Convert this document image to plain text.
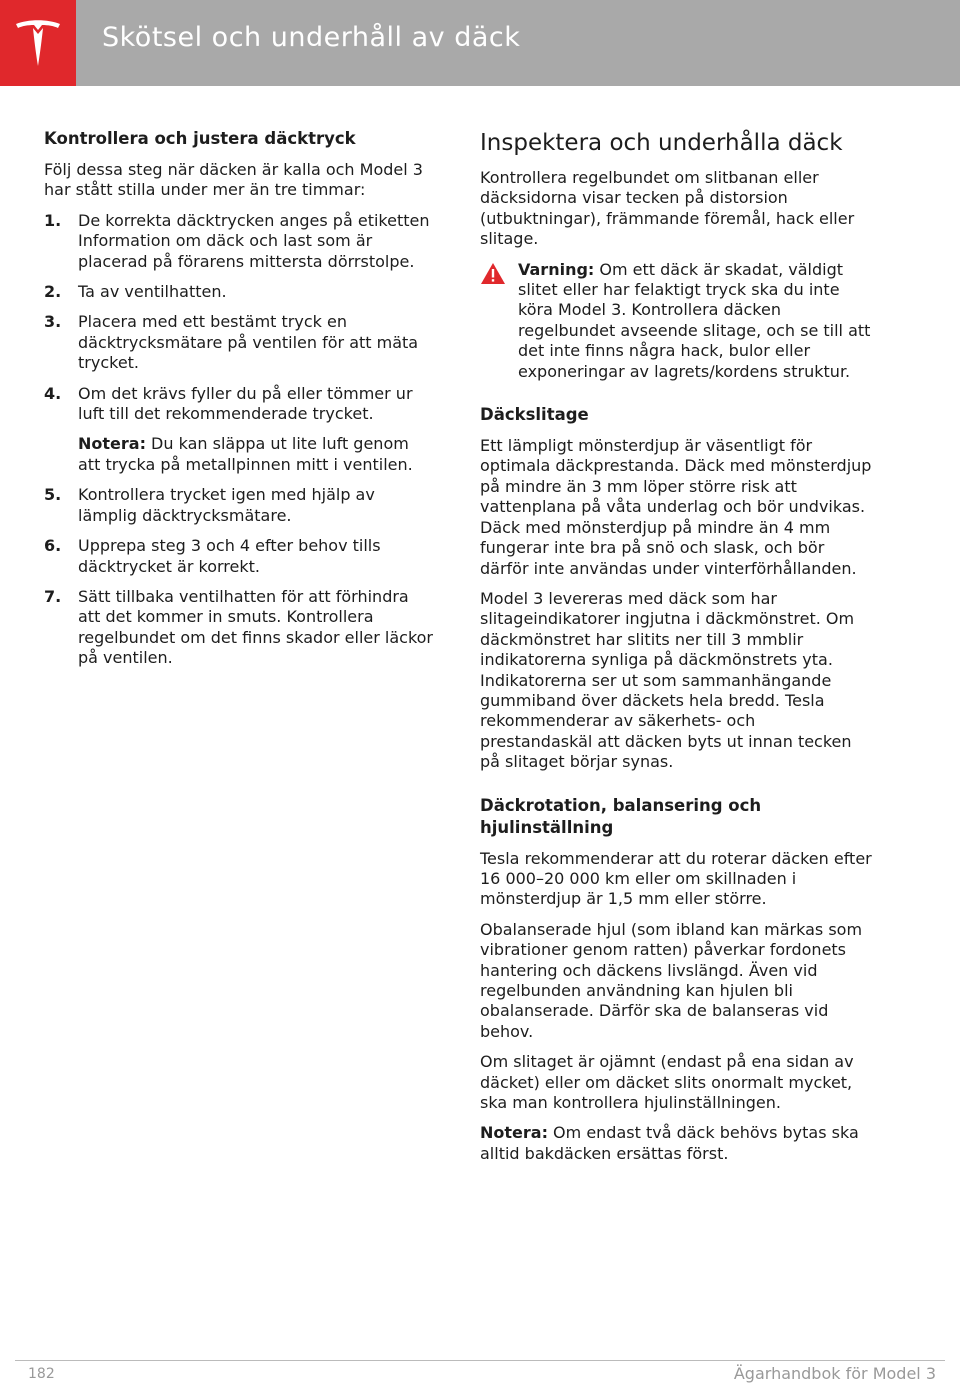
Skötsel och underhåll av däck
Kontrollera och justera däcktryck

Följ dessa steg när däcken är kalla och Model 3 har stått stilla under mer än tre timmar:

1. De korrekta däcktrycken anges på etiketten Information om däck och last som är placerad på förarens mittersta dörrstolpe.
2. Ta av ventilhatten.
3. Placera med ett bestämt tryck en däcktrycksmätare på ventilen för att mäta trycket.
4. Om det krävs fyller du på eller tömmer ur luft till det rekommenderade trycket.
Notera: Du kan släppa ut lite luft genom att trycka på metallpinnen mitt i ventilen.
5. Kontrollera trycket igen med hjälp av lämplig däcktrycksmätare.
6. Upprepa steg 3 och 4 efter behov tills däcktrycket är korrekt.
7. Sätt tillbaka ventilhatten för att förhindra att det kommer in smuts. Kontrollera regelbundet om det finns skador eller läckor på ventilen.
Inspektera och underhålla däck

Kontrollera regelbundet om slitbanan eller däcksidorna visar tecken på distorsion (utbuktningar), främmande föremål, hack eller slitage.

Varning: Om ett däck är skadat, väldigt slitet eller har felaktigt tryck ska du inte köra Model 3. Kontrollera däcken regelbundet avseende slitage, och se till att det inte finns några hack, bulor eller exponeringar av lagrets/kordens struktur.
Däckslitage

Ett lämpligt mönsterdjup är väsentligt för optimala däckprestanda. Däck med mönsterdjup på mindre än 3 mm löper större risk att vattenplana på våta underlag och bör undvikas. Däck med mönsterdjup på mindre än 4 mm fungerar inte bra på snö och slask, och bör därför inte användas under vinterförhållanden.

Model 3 levereras med däck som har slitageindikatorer ingjutna i däckmönstret. Om däckmönstret har slitits ner till 3 mmblir indikatorerna synliga på däckmönstrets yta. Indikatorerna ser ut som sammanhängande gummiband över däckets hela bredd. Tesla rekommenderar av säkerhets- och prestandaskäl att däcken byts ut innan tecken på slitaget börjar synas.

Däckrotation, balansering och hjulinställning

Tesla rekommenderar att du roterar däcken efter 16 000–20 000 km eller om skillnaden i mönsterdjup är 1,5 mm eller större.

Obalanserade hjul (som ibland kan märkas som vibrationer genom ratten) påverkar fordonets hantering och däckens livslängd. Även vid regelbunden användning kan hjulen bli obalanserade. Därför ska de balanseras vid behov.

Om slitaget är ojämnt (endast på ena sidan av däcket) eller om däcket slits onormalt mycket, ska man kontrollera hjulinställningen.

Notera: Om endast två däck behövs bytas ska alltid bakdäcken ersättas först.

182	Ägarhandbok för Model 3
